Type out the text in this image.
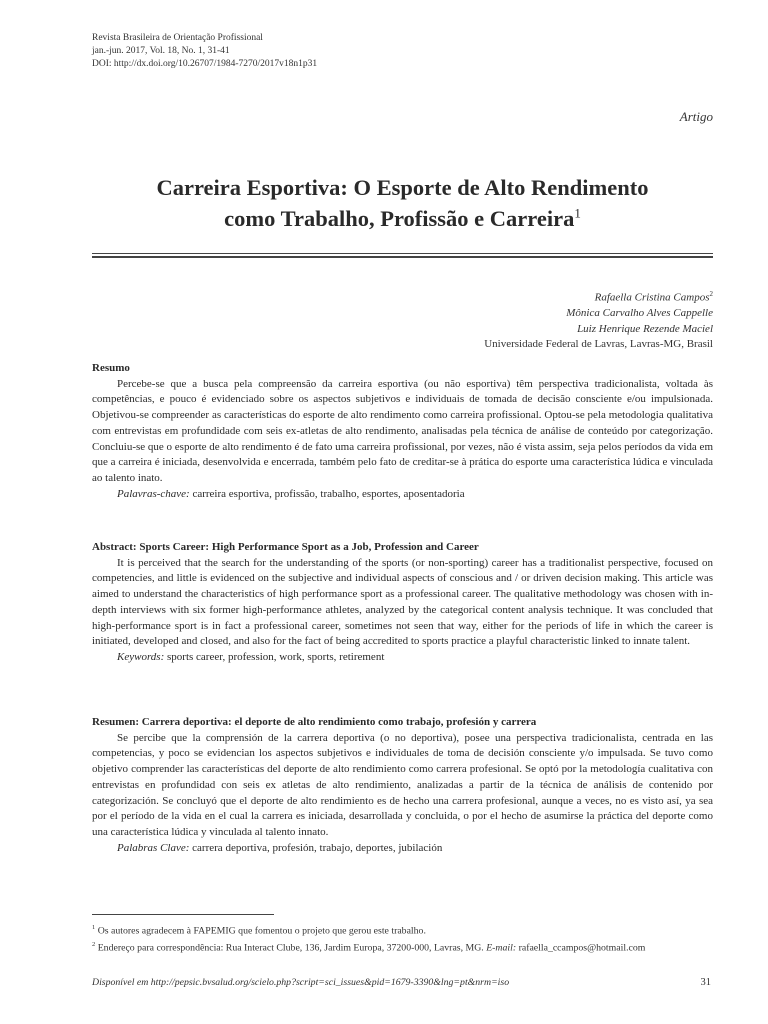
Revista Brasileira de Orientação Profissional
jan.-jun. 2017, Vol. 18, No. 1, 31-41
DOI: http://dx.doi.org/10.26707/1984-7270/2017v18n1p31
Artigo
Carreira Esportiva: O Esporte de Alto Rendimento
como Trabalho, Profissão e Carreira$^1$
Rafaella Cristina Campos$^2$
Mônica Carvalho Alves Cappelle
Luiz Henrique Rezende Maciel
Universidade Federal de Lavras, Lavras-MG, Brasil
Resumo

Percebe-se que a busca pela compreensão da carreira esportiva (ou não esportiva) têm perspectiva tradicionalista, voltada às competências, e pouco é evidenciado sobre os aspectos subjetivos e individuais de tomada de decisão consciente e/ou impulsionada. Objetivou-se compreender as características do esporte de alto rendimento como carreira profissional. Optou-se pela metodologia qualitativa com entrevistas em profundidade com seis ex-atletas de alto rendimento, analisadas pela técnica de análise de conteúdo por categorização. Concluiu-se que o esporte de alto rendimento é de fato uma carreira profissional, por vezes, não é vista assim, seja pelos períodos da vida em que a carreira é iniciada, desenvolvida e encerrada, também pelo fato de creditar-se à prática do esporte uma característica lúdica e vinculada ao talento inato.

Palavras-chave: carreira esportiva, profissão, trabalho, esportes, aposentadoria

Abstract: Sports Career: High Performance Sport as a Job, Profession and Career

It is perceived that the search for the understanding of the sports (or non-sporting) career has a traditionalist perspective, focused on competencies, and little is evidenced on the subjective and individual aspects of conscious and / or driven decision making. This article was aimed to understand the characteristics of high performance sport as a professional career. The qualitative methodology was chosen with in-depth interviews with six former high-performance athletes, analyzed by the categorical content analysis technique. It was concluded that high-performance sport is in fact a professional career, sometimes not seen that way, either for the periods of life in which the career is initiated, developed and closed, and also for the fact of being accredited to sports practice a playful characteristic linked to innate talent.

Keywords: sports career, profession, work, sports, retirement

Resumen: Carrera deportiva: el deporte de alto rendimiento como trabajo, profesión y carrera

Se percibe que la comprensión de la carrera deportiva (o no deportiva), posee una perspectiva tradicionalista, centrada en las competencias, y poco se evidencian los aspectos subjetivos e individuales de toma de decisión consciente y/o impulsada. Se tuvo como objetivo comprender las características del deporte de alto rendimiento como carrera profesional. Se optó por la metodología cualitativa con entrevistas en profundidad con seis ex atletas de alto rendimiento, analizadas a partir de la técnica de análisis de contenido por categorización. Se concluyó que el deporte de alto rendimiento es de hecho una carrera profesional, aunque a veces, no es visto así, ya sea por el período de la vida en el cual la carrera es iniciada, desarrollada y concluida, o por el hecho de asumirse la práctica del deporte como una característica lúdica y vinculada al talento innato.

Palabras Clave: carrera deportiva, profesión, trabajo, deportes, jubilación

$^1$ Os autores agradecem à FAPEMIG que fomentou o projeto que gerou este trabalho.
$^2$ Endereço para correspondência: Rua Interact Clube, 136, Jardim Europa, 37200-000, Lavras, MG. E-mail: rafaella_ccampos@hotmail.com
Disponível em http://pepsic.bvsalud.org/scielo.php?script=sci_issues&pid=1679-3390&lng=pt&nrm=iso	31
